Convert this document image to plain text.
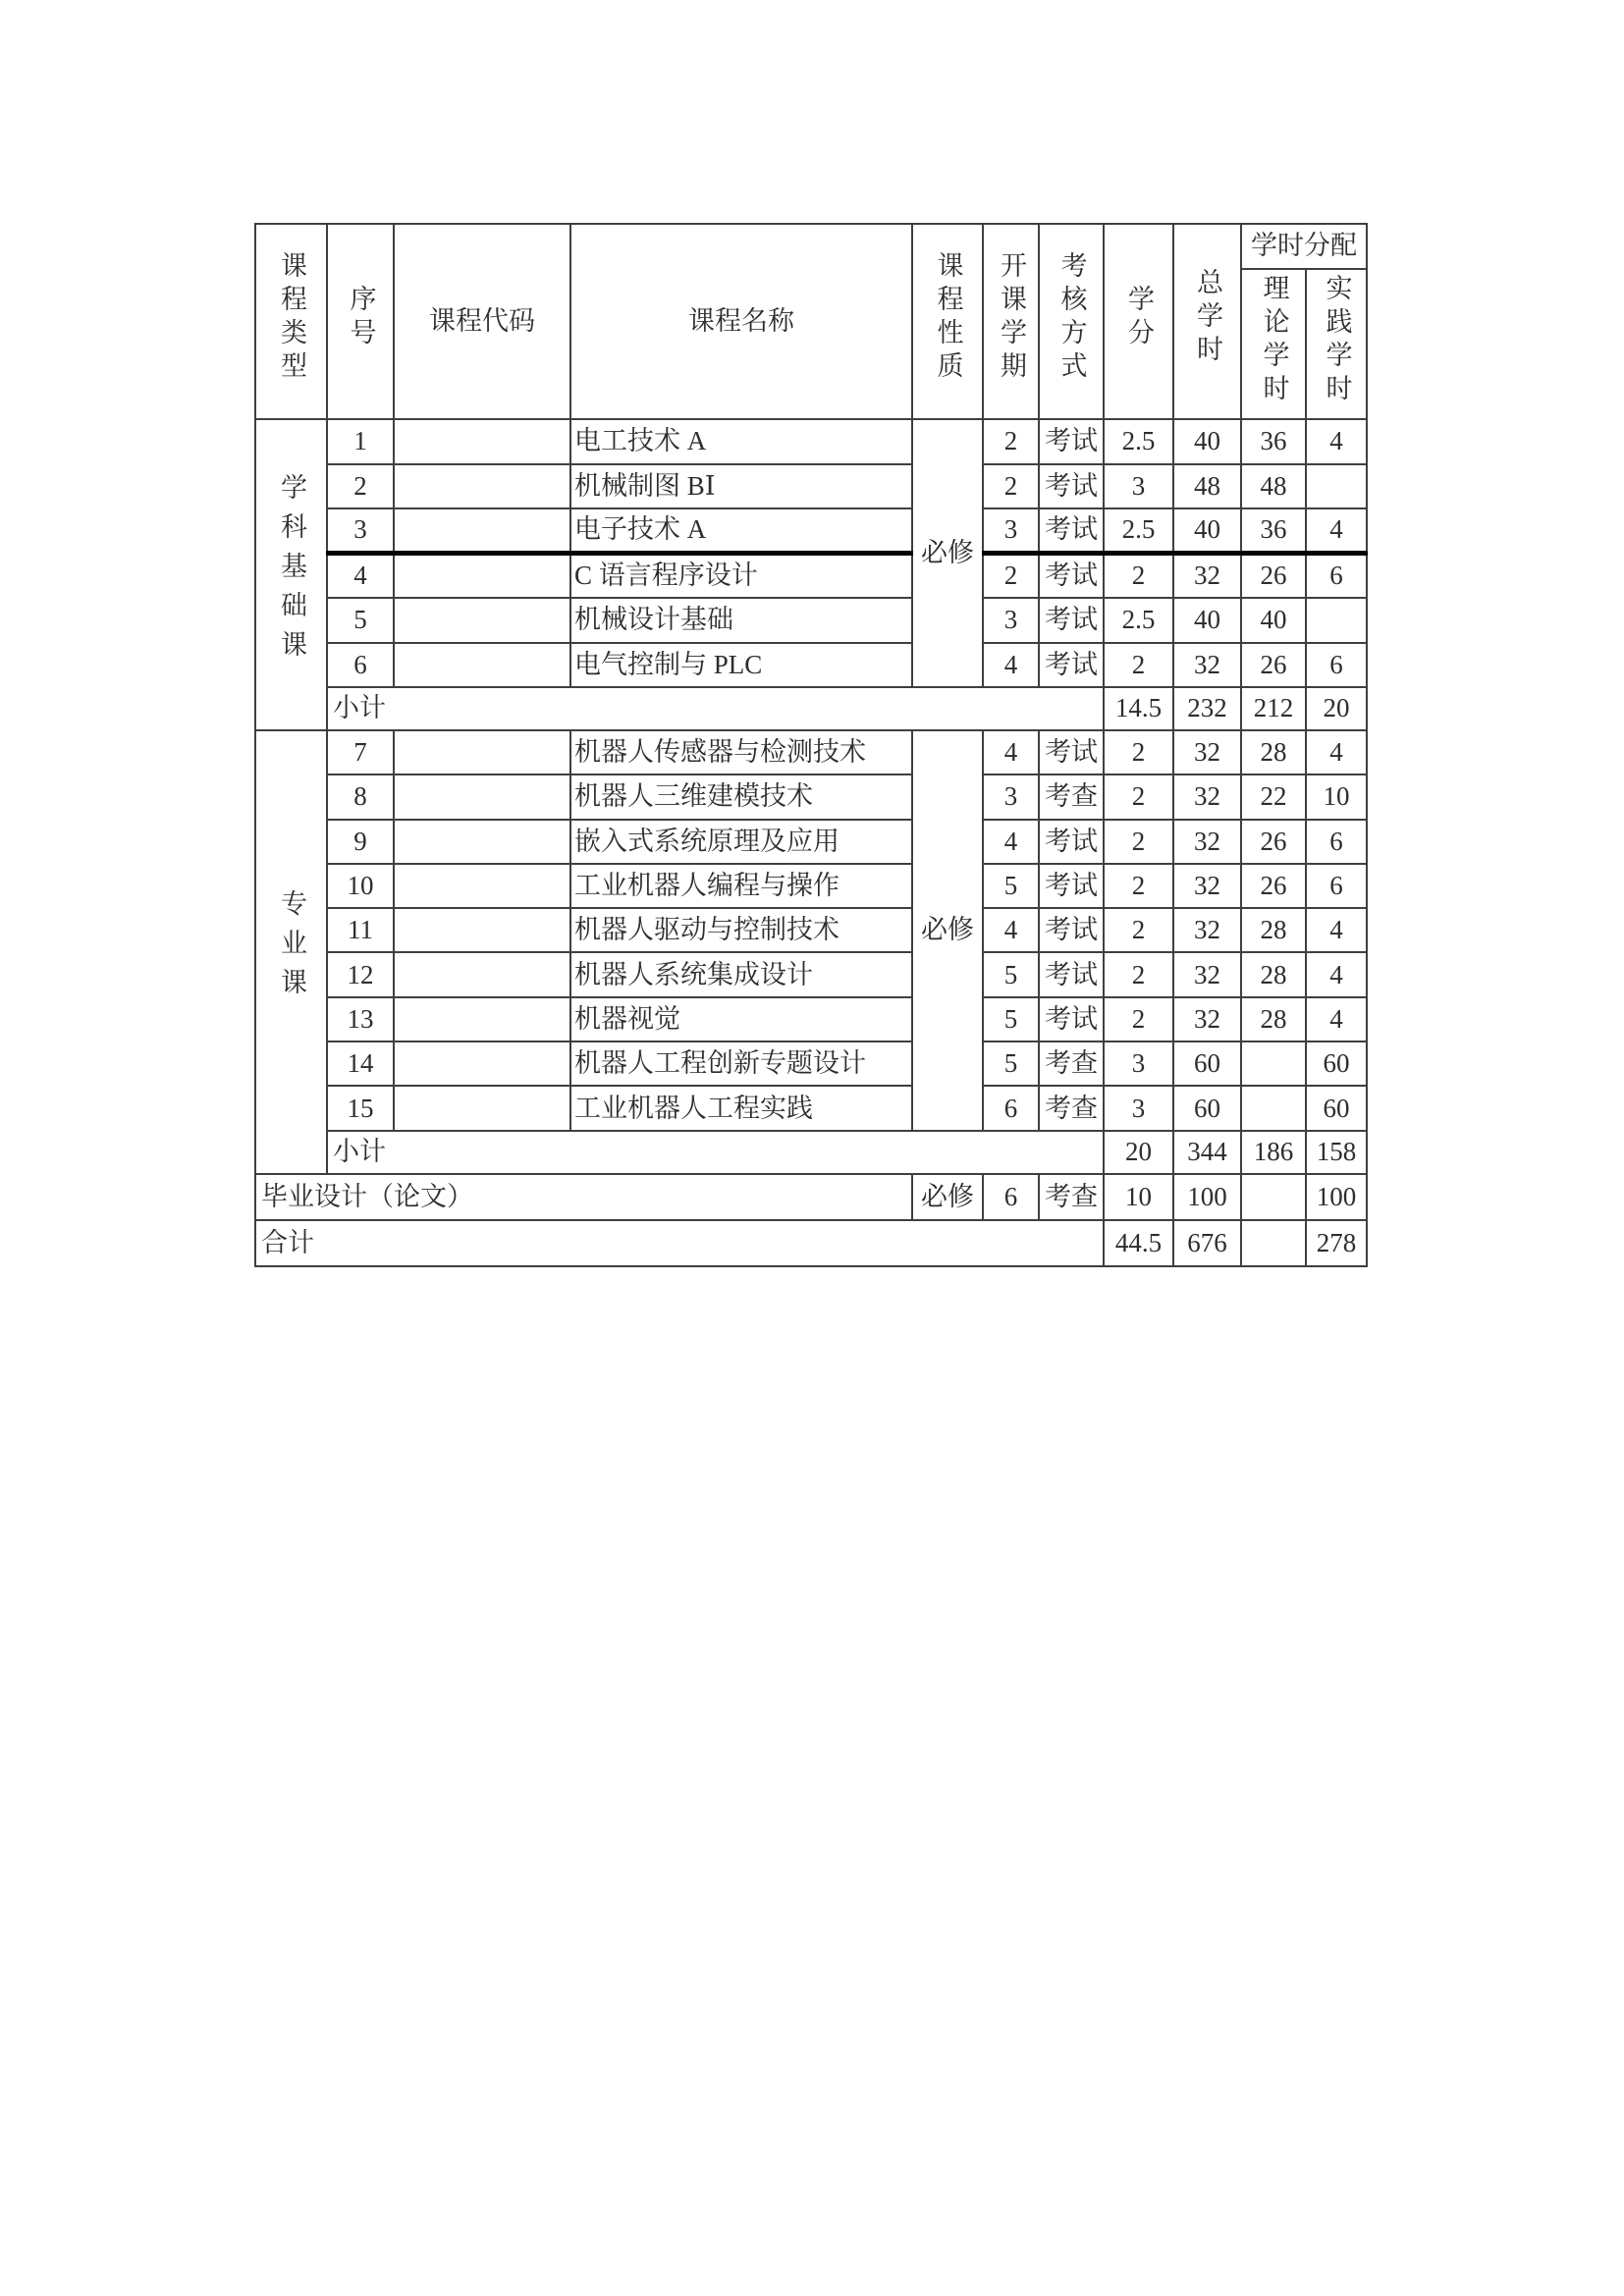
课程类型	序号	课程代码	课程名称	课程性质	开课学期	考核方式	学分	总学时	学时分配	
									理论学时	实践学时
学科基础课	1		电工技术 A	必修	2	考试	2.5	40	36	4
	2		机械制图 BⅠ		2	考试	3	48	48	
	3		电子技术 A		3	考试	2.5	40	36	4
	4		C 语言程序设计		2	考试	2	32	26	6
	5		机械设计基础		3	考试	2.5	40	40	
	6		电气控制与 PLC		4	考试	2	32	26	6
	小计						14.5	232	212	20
专业课	7		机器人传感器与检测技术	必修	4	考试	2	32	28	4
	8		机器人三维建模技术		3	考查	2	32	22	10
	9		嵌入式系统原理及应用		4	考试	2	32	26	6
	10		工业机器人编程与操作		5	考试	2	32	26	6
	11		机器人驱动与控制技术		4	考试	2	32	28	4
	12		机器人系统集成设计		5	考试	2	32	28	4
	13		机器视觉		5	考试	2	32	28	4
	14		机器人工程创新专题设计		5	考查	3	60		60
	15		工业机器人工程实践		6	考查	3	60		60
	小计						20	344	186	158
毕业设计（论文）				必修	6	考查	10	100		100
合计							44.5	676		278
